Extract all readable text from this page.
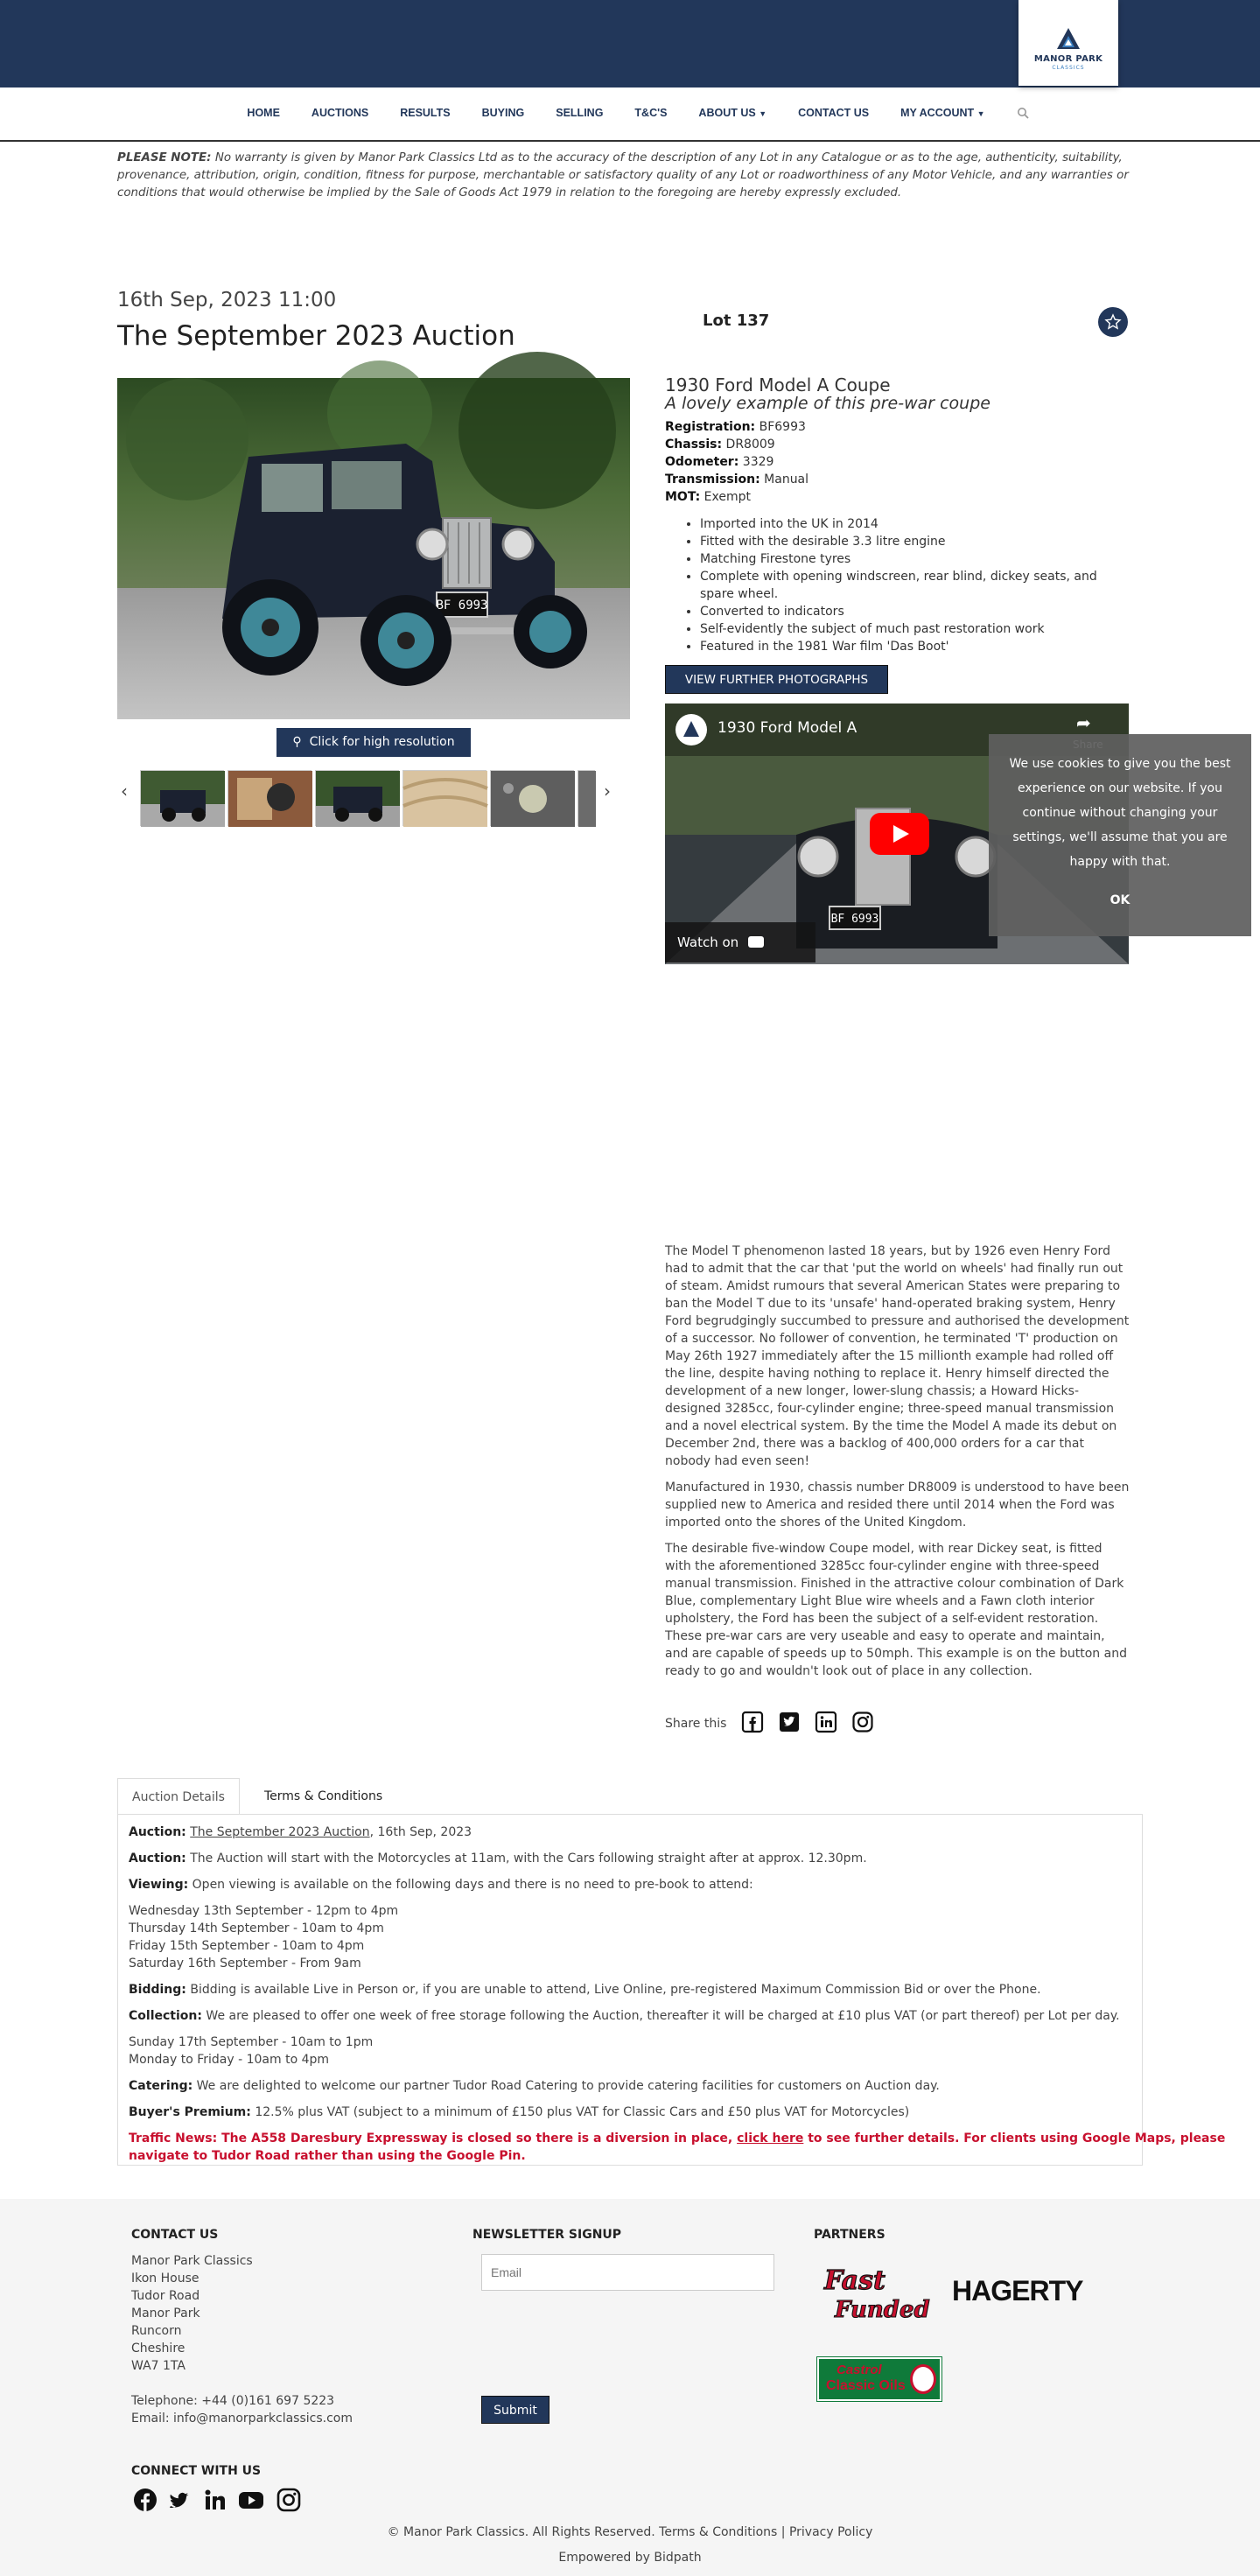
MANOR PARK
CLASSICS
HOME	AUCTIONS	RESULTS	BUYING	SELLING	T&C'S	ABOUT US ▼	CONTACT US	MY ACCOUNT ▼
PLEASE NOTE: No warranty is given by Manor Park Classics Ltd as to the accuracy of the description of any Lot in any Catalogue or as to the age, authenticity, suitability, provenance, attribution, origin, condition, fitness for purpose, merchantable or satisfactory quality of any Lot or roadworthiness of any Motor Vehicle, and any warranties or conditions that would otherwise be implied by the Sale of Goods Act 1979 in relation to the foregoing are hereby expressly excluded.
16th Sep, 2023 11:00
The September 2023 Auction	Lot 137
BF 6993
⚲ Click for high resolution
‹	›
1930 Ford Model A Coupe
A lovely example of this pre-war coupe
Registration: BF6993
Chassis: DR8009
Odometer: 3329
Transmission: Manual
MOT: Exempt
• Imported into the UK in 2014
• Fitted with the desirable 3.3 litre engine
• Matching Firestone tyres
• Complete with opening windscreen, rear blind, dickey seats, and spare wheel.
• Converted to indicators
• Self-evidently the subject of much past restoration work
• Featured in the 1981 War film 'Das Boot'
VIEW FURTHER PHOTOGRAPHS
BF 6993
1930 Ford Model A	➦
Watch on  YouTube
We use cookies to give you the best experience on our website. If you continue without changing your settings, we'll assume that you are happy with that.
OK
The Model T phenomenon lasted 18 years, but by 1926 even Henry Ford had to admit that the car that 'put the world on wheels' had finally run out of steam. Amidst rumours that several American States were preparing to ban the Model T due to its 'unsafe' hand-operated braking system, Henry Ford begrudgingly succumbed to pressure and authorised the development of a successor. No follower of convention, he terminated 'T' production on May 26th 1927 immediately after the 15 millionth example had rolled off the line, despite having nothing to replace it. Henry himself directed the development of a new longer, lower-slung chassis; a Howard Hicks-designed 3285cc, four-cylinder engine; three-speed manual transmission and a novel electrical system. By the time the Model A made its debut on December 2nd, there was a backlog of 400,000 orders for a car that nobody had even seen!
Manufactured in 1930, chassis number DR8009 is understood to have been supplied new to America and resided there until 2014 when the Ford was imported onto the shores of the United Kingdom.
The desirable five-window Coupe model, with rear Dickey seat, is fitted with the aforementioned 3285cc four-cylinder engine with three-speed manual transmission. Finished in the attractive colour combination of Dark Blue, complementary Light Blue wire wheels and a Fawn cloth interior upholstery, the Ford has been the subject of a self-evident restoration. These pre-war cars are very useable and easy to operate and maintain, and are capable of speeds up to 50mph. This example is on the button and ready to go and wouldn't look out of place in any collection.
Share this
Auction Details	Terms & Conditions
Auction: The September 2023 Auction, 16th Sep, 2023
Auction: The Auction will start with the Motorcycles at 11am, with the Cars following straight after at approx. 12.30pm.
Viewing: Open viewing is available on the following days and there is no need to pre-book to attend:
Wednesday 13th September - 12pm to 4pm
Thursday 14th September - 10am to 4pm
Friday 15th September - 10am to 4pm
Saturday 16th September - From 9am
Bidding: Bidding is available Live in Person or, if you are unable to attend, Live Online, pre-registered Maximum Commission Bid or over the Phone.
Collection: We are pleased to offer one week of free storage following the Auction, thereafter it will be charged at £10 plus VAT (or part thereof) per Lot per day.
Sunday 17th September - 10am to 1pm
Monday to Friday - 10am to 4pm
Catering: We are delighted to welcome our partner Tudor Road Catering to provide catering facilities for customers on Auction day.
Buyer's Premium: 12.5% plus VAT (subject to a minimum of £150 plus VAT for Classic Cars and £50 plus VAT for Motorcycles)
Traffic News: The A558 Daresbury Expressway is closed so there is a diversion in place, click here to see further details. For clients using Google Maps, please
navigate to Tudor Road rather than using the Google Pin.
CONTACT US
Manor Park Classics
Ikon House
Tudor Road
Manor Park
Runcorn
Cheshire
WA7 1TA
Telephone: +44 (0)161 697 5223
Email: info@manorparkclassics.com
CONNECT WITH US
NEWSLETTER SIGNUP
Email
Submit
PARTNERS
Fast
Funded
HAGERTY
Castrol
Classic Oils
© Manor Park Classics. All Rights Reserved. Terms & Conditions | Privacy Policy
Empowered by Bidpath
